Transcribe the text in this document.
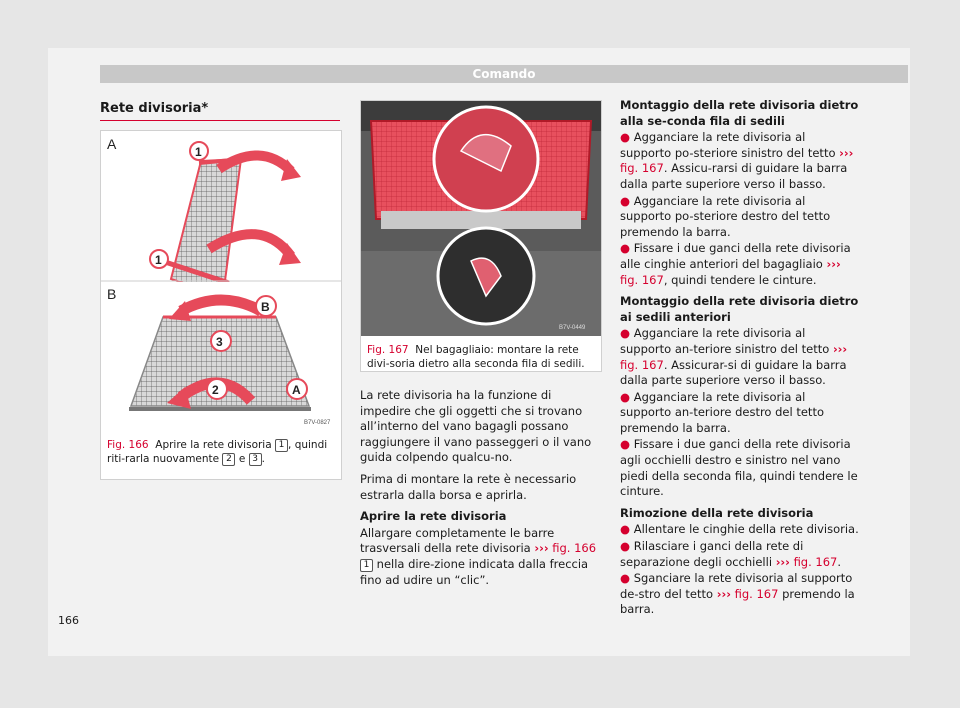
Comando
Rete divisoria*
A	1
1
B
B
3
2	A
B7V-0827
Fig. 166 Aprire la rete divisoria 1 , quindi riti-rarla nuovamente 2 e 3 .
B7V-0449
Fig. 167 Nel bagagliaio: montare la rete divi-soria dietro alla seconda fila di sedili.

La rete divisoria ha la funzione di impedire che gli oggetti che si trovano all’interno del vano bagagli possano raggiungere il vano passeggeri o il vano guida colpendo qualcu-no.

Prima di montare la rete è necessario estrarla dalla borsa e aprirla.

Aprire la rete divisoria

Allargare completamente le barre trasversali della rete divisoria ››› fig. 166 1 nella dire-zione indicata dalla freccia fino ad udire un “clic”.

Montaggio della rete divisoria dietro alla se-conda fila di sedili

● Agganciare la rete divisoria al supporto po-steriore sinistro del tetto ››› fig. 167. Assicu-rarsi di guidare la barra dalla parte superiore verso il basso.

● Agganciare la rete divisoria al supporto po-steriore destro del tetto premendo la barra.

● Fissare i due ganci della rete divisoria alle cinghie anteriori del bagagliaio ››› fig. 167, quindi tendere le cinture.

Montaggio della rete divisoria dietro ai sedili anteriori

● Agganciare la rete divisoria al supporto an-teriore sinistro del tetto ››› fig. 167. Assicurar-si di guidare la barra dalla parte superiore verso il basso.

● Agganciare la rete divisoria al supporto an-teriore destro del tetto premendo la barra.

● Fissare i due ganci della rete divisoria agli occhielli destro e sinistro nel vano piedi della seconda fila, quindi tendere le cinture.

Rimozione della rete divisoria

● Allentare le cinghie della rete divisoria.

● Rilasciare i ganci della rete di separazione degli occhielli ››› fig. 167.

● Sganciare la rete divisoria al supporto de-stro del tetto ››› fig. 167 premendo la barra.

166
